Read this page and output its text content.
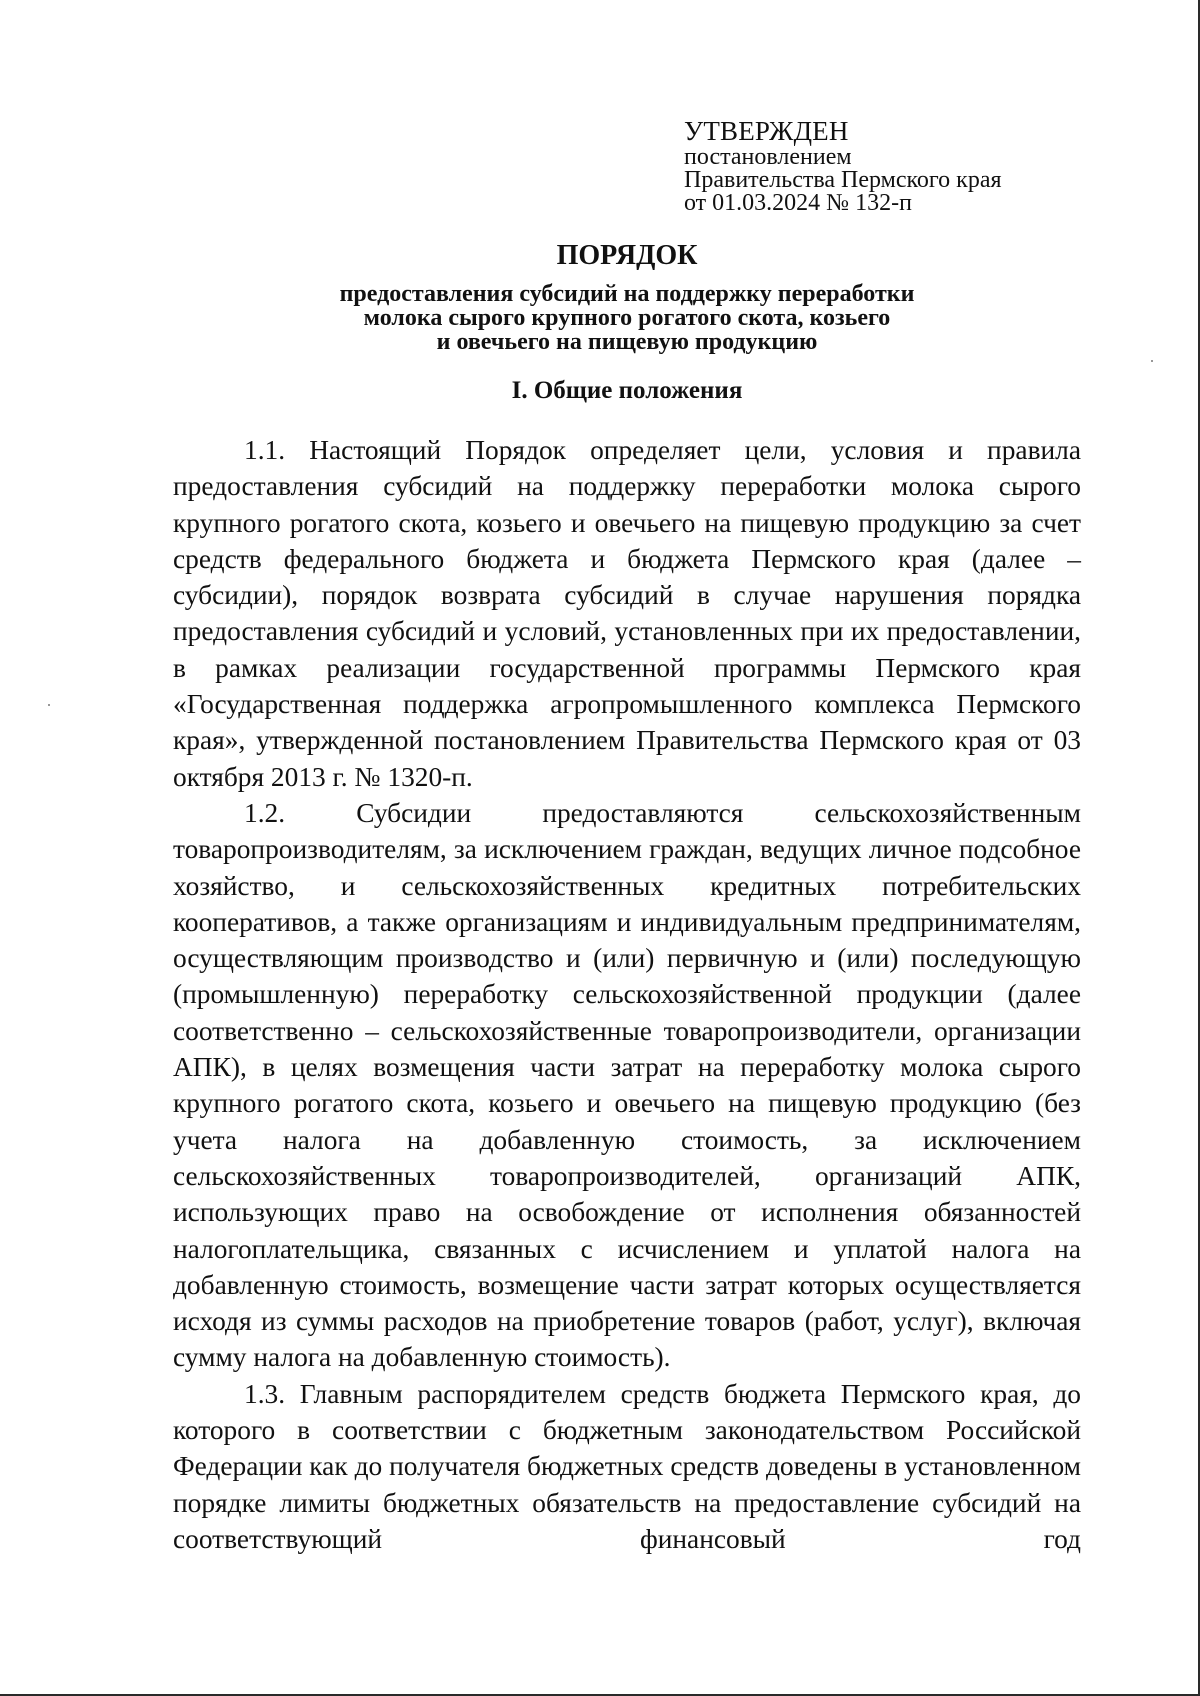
УТВЕРЖДЕН
постановлением
Правительства Пермского края
от 01.03.2024 № 132-п
ПОРЯДОК
предоставления субсидий на поддержку переработки
молока сырого крупного рогатого скота, козьего
и овечьего на пищевую продукцию
I. Общие положения

1.1. Настоящий Порядок определяет цели, условия и правила предоставления субсидий на поддержку переработки молока сырого крупного рогатого скота, козьего и овечьего на пищевую продукцию за счет средств федерального бюджета и бюджета Пермского края (далее – субсидии), порядок возврата субсидий в случае нарушения порядка предоставления субсидий и условий, установленных при их предоставлении, в рамках реализации государственной программы Пермского края «Государственная поддержка агропромышленного комплекса Пермского края», утвержденной постановлением Правительства Пермского края от 03 октября 2013 г. № 1320-п.

1.2. Субсидии предоставляются сельскохозяйственным товаропроизводителям, за исключением граждан, ведущих личное подсобное хозяйство, и сельскохозяйственных кредитных потребительских кооперативов, а также организациям и индивидуальным предпринимателям, осуществляющим производство и (или) первичную и (или) последующую (промышленную) переработку сельскохозяйственной продукции (далее соответственно – сельскохозяйственные товаропроизводители, организации АПК), в целях возмещения части затрат на переработку молока сырого крупного рогатого скота, козьего и овечьего на пищевую продукцию (без учета налога на добавленную стоимость, за исключением сельскохозяйственных товаропроизводителей, организаций АПК, использующих право на освобождение от исполнения обязанностей налогоплательщика, связанных с исчислением и уплатой налога на добавленную стоимость, возмещение части затрат которых осуществляется исходя из суммы расходов на приобретение товаров (работ, услуг), включая сумму налога на добавленную стоимость).

1.3. Главным распорядителем средств бюджета Пермского края, до которого в соответствии с бюджетным законодательством Российской Федерации как до получателя бюджетных средств доведены в установленном порядке лимиты бюджетных обязательств на предоставление субсидий на соответствующий финансовый год
